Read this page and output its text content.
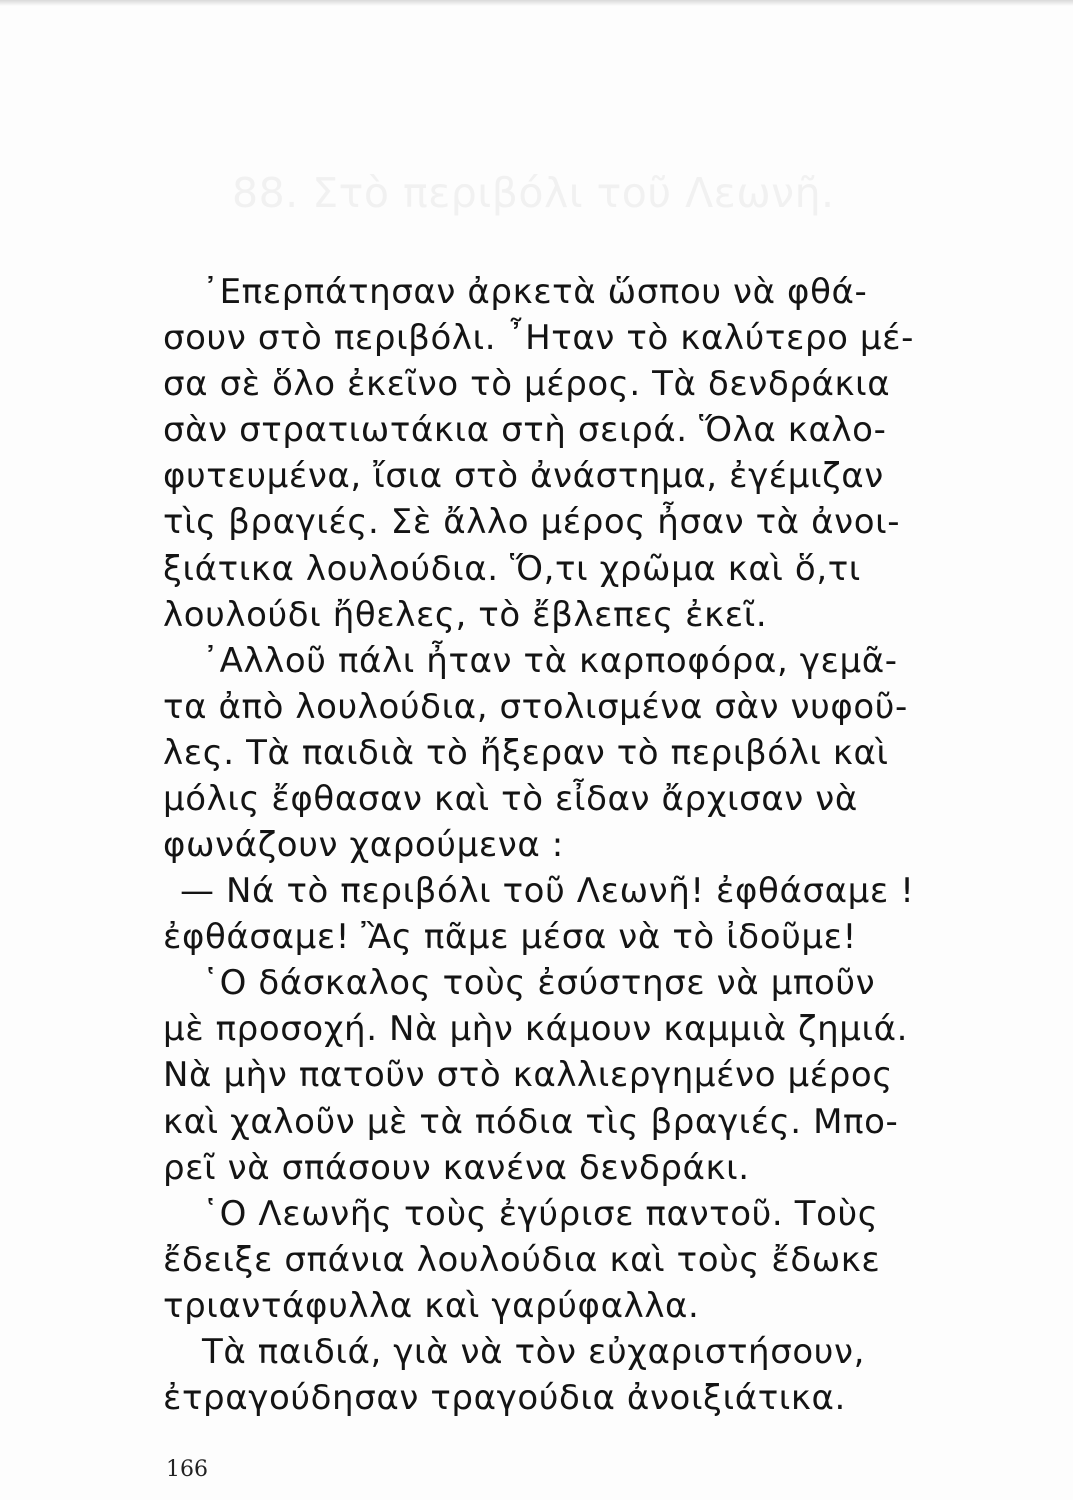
88. Στὸ περιβόλι τοῦ Λεωνῆ.
᾿Επερπάτησαν ἀρκετὰ ὥσπου νὰ φθά-
σουν στὸ περιβόλι. ῏Ηταν τὸ καλύτερο μέ-
σα σὲ ὅλο ἐκεῖνο τὸ μέρος. Τὰ δενδράκια
σὰν στρατιωτάκια στὴ σειρά. Ὅλα καλο-
φυτευμένα, ἴσια στὸ ἀνάστημα, ἐγέμιζαν
τὶς βραγιές. Σὲ ἄλλο μέρος ἦσαν τὰ ἀνοι-
ξιάτικα λουλούδια. Ὅ,τι χρῶμα καὶ ὅ,τι
λουλούδι ἤθελες, τὸ ἔβλεπες ἐκεῖ.
᾿Αλλοῦ πάλι ἦταν τὰ καρποφόρα, γεμᾶ-
τα ἀπὸ λουλούδια, στολισμένα σὰν νυφοῦ-
λες. Τὰ παιδιὰ τὸ ἤξεραν τὸ περιβόλι καὶ
μόλις ἔφθασαν καὶ τὸ εἶδαν ἄρχισαν νὰ
φωνάζουν χαρούμενα :
— Νά τὸ περιβόλι τοῦ Λεωνῆ! ἐφθάσαμε !
ἐφθάσαμε! Ἂς πᾶμε μέσα νὰ τὸ ἰδοῦμε!
῾Ο δάσκαλος τοὺς ἐσύστησε νὰ μποῦν
μὲ προσοχή. Νὰ μὴν κάμουν καμμιὰ ζημιά.
Νὰ μὴν πατοῦν στὸ καλλιεργημένο μέρος
καὶ χαλοῦν μὲ τὰ πόδια τὶς βραγιές. Μπο-
ρεῖ νὰ σπάσουν κανένα δενδράκι.
῾Ο Λεωνῆς τοὺς ἐγύρισε παντοῦ. Τοὺς
ἔδειξε σπάνια λουλούδια καὶ τοὺς ἔδωκε
τριαντάφυλλα καὶ γαρύφαλλα.
Τὰ παιδιά, γιὰ νὰ τὸν εὐχαριστήσουν,
ἐτραγούδησαν τραγούδια ἀνοιξιάτικα.
166
